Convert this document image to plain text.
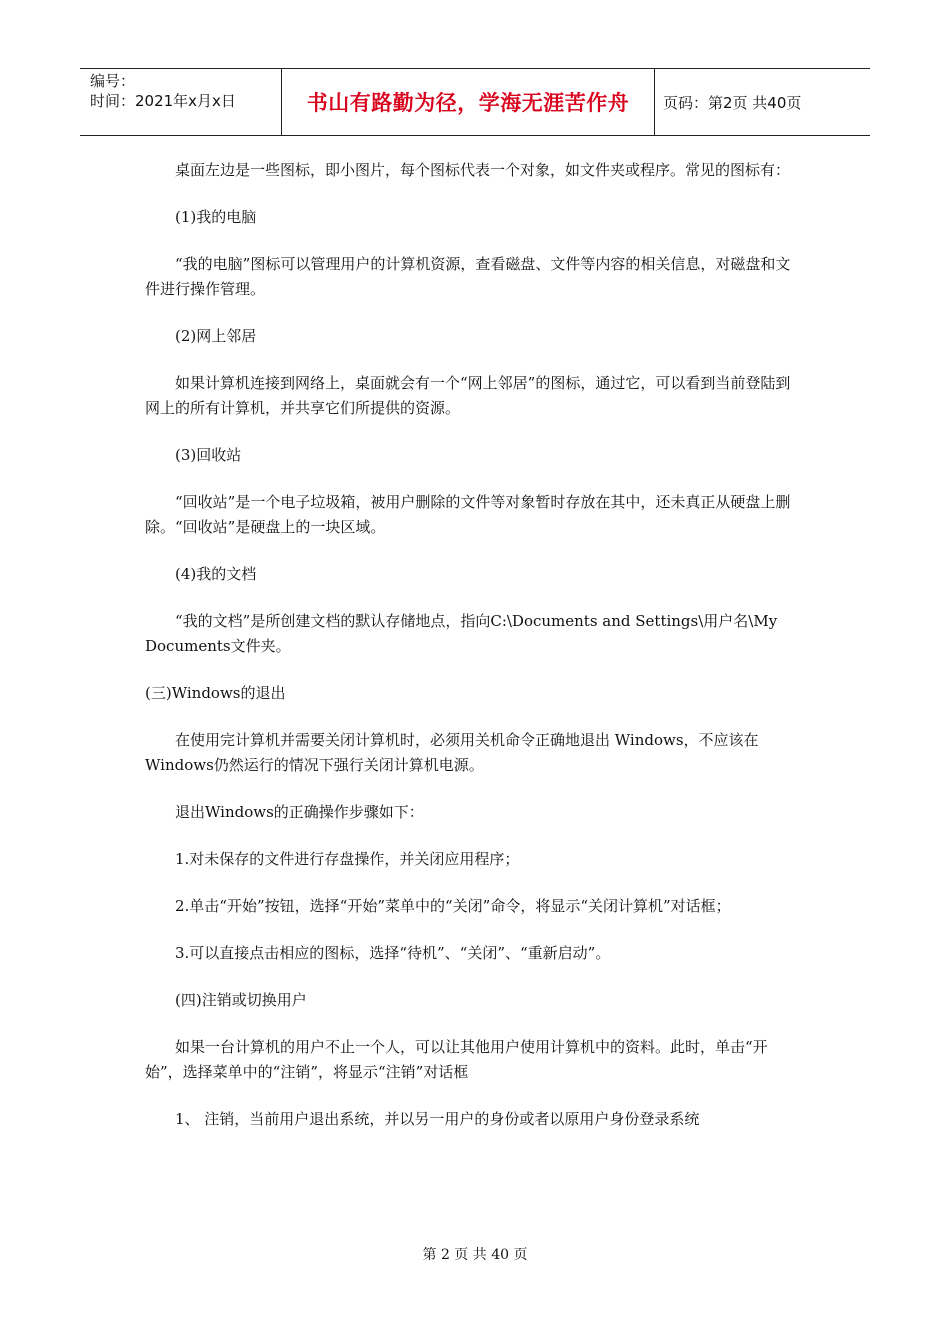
编号：
时间：2021年x月x日	书山有路勤为径，学海无涯苦作舟	页码：第2页 共40页

桌面左边是一些图标，即小图片，每个图标代表一个对象，如文件夹或程序。常见的图标有：

(1)我的电脑

“我的电脑”图标可以管理用户的计算机资源，查看磁盘、文件等内容的相关信息，对磁盘和文件进行操作管理。

(2)网上邻居

如果计算机连接到网络上，桌面就会有一个“网上邻居”的图标，通过它，可以看到当前登陆到网上的所有计算机，并共享它们所提供的资源。

(3)回收站

“回收站”是一个电子垃圾箱，被用户删除的文件等对象暂时存放在其中，还未真正从硬盘上删除。“回收站”是硬盘上的一块区域。

(4)我的文档

“我的文档”是所创建文档的默认存储地点，指向C:\Documents and Settings\用户名\My Documents文件夹。

(三)Windows的退出

在使用完计算机并需要关闭计算机时，必须用关机命令正确地退出 Windows，不应该在 Windows仍然运行的情况下强行关闭计算机电源。

退出Windows的正确操作步骤如下：

1.对未保存的文件进行存盘操作，并关闭应用程序；

2.单击“开始”按钮，选择“开始”菜单中的“关闭”命令，将显示“关闭计算机”对话框；

3.可以直接点击相应的图标，选择“待机”、“关闭”、“重新启动”。

(四)注销或切换用户

如果一台计算机的用户不止一个人，可以让其他用户使用计算机中的资料。此时，单击“开始”，选择菜单中的“注销”，将显示“注销”对话框

1、 注销，当前用户退出系统，并以另一用户的身份或者以原用户身份登录系统

第 2 页 共 40 页
